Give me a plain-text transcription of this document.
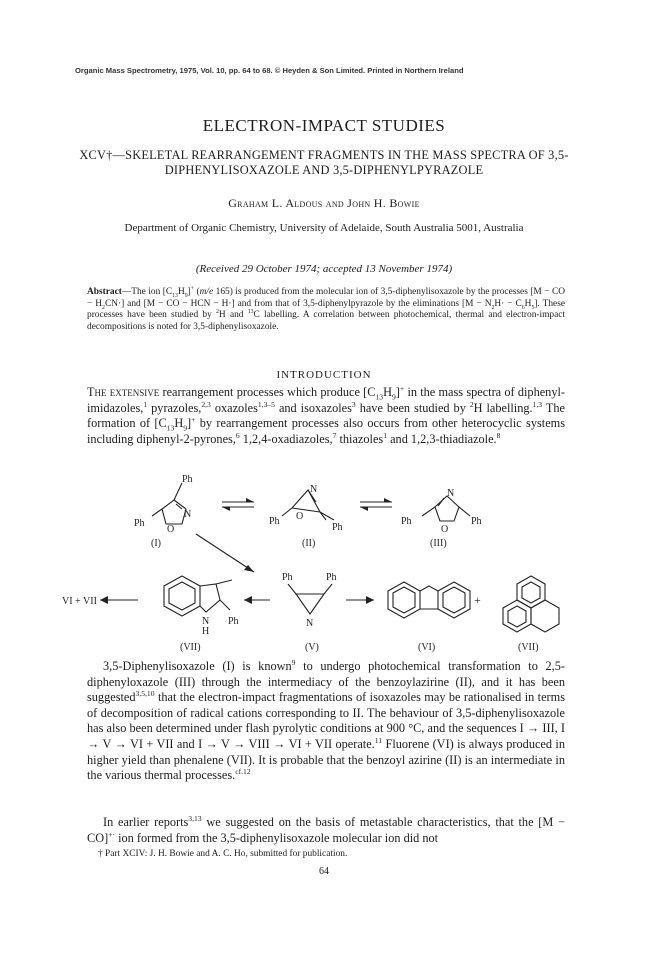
Organic Mass Spectrometry, 1975, Vol. 10, pp. 64 to 68. © Heyden & Son Limited. Printed in Northern Ireland
ELECTRON-IMPACT STUDIES
XCV†—SKELETAL REARRANGEMENT FRAGMENTS IN THE MASS SPECTRA OF 3,5-DIPHENYLISOXAZOLE AND 3,5-DIPHENYLPYRAZOLE
Graham L. Aldous and John H. Bowie
Department of Organic Chemistry, University of Adelaide, South Australia 5001, Australia
(Received 29 October 1974; accepted 13 November 1974)
Abstract—The ion $[C_{13}H_9]^+$ (m/e 165) is produced from the molecular ion of 3,5-diphenylisoxazole by the processes [M − CO − $H_2CN\cdot$] and [M − CO − HCN − H·] and from that of 3,5-diphenylpyrazole by the eliminations $[M - N_2H\cdot - C_6H_5]$. These processes have been studied by $^2$H and $^{13}$C labelling. A correlation between photochemical, thermal and electron-impact decompositions is noted for 3,5-diphenylisoxazole.
INTRODUCTION
The extensive rearrangement processes which produce $[C_{13}H_9]^+$ in the mass spectra of diphenyl-imidazoles,$^1$ pyrazoles,$^{2,3}$ oxazoles$^{1,3-5}$ and isoxazoles$^3$ have been studied by $^2$H labelling.$^{1,3}$ The formation of $[C_{13}H_9]^+$ by rearrangement processes also occurs from other heterocyclic systems including diphenyl-2-pyrones,$^6$ 1,2,4-oxadiazoles,$^7$ thiazoles$^1$ and 1,2,3-thiadiazole.$^8$
Ph
N
O
Ph
(I)
N
O
Ph
Ph
(II)
N
O
Ph	Ph
(III)
VI + VII
N
H
Ph
(VII)
Ph	Ph
N
(V)
+
(VI)	(VII)
3,5-Diphenylisoxazole (I) is known$^9$ to undergo photochemical transformation to 2,5-diphenyloxazole (III) through the intermediacy of the benzoylazirine (II), and it has been suggested$^{3,5,10}$ that the electron-impact fragmentations of isoxazoles may be rationalised in terms of decomposition of radical cations corresponding to II. The behaviour of 3,5-diphenylisoxazole has also been determined under flash pyrolytic conditions at 900 °C, and the sequences I → III, I → V → VI + VII and I → V → VIII → VI + VII operate.$^{11}$ Fluorene (VI) is always produced in higher yield than phenalene (VII). It is probable that the benzoyl azirine (II) is an intermediate in the various thermal processes.$^{cf.12}$
In earlier reports$^{3,13}$ we suggested on the basis of metastable characteristics, that the [M − CO]+· ion formed from the 3,5-diphenylisoxazole molecular ion did not
† Part XCIV: J. H. Bowie and A. C. Ho, submitted for publication.
64
